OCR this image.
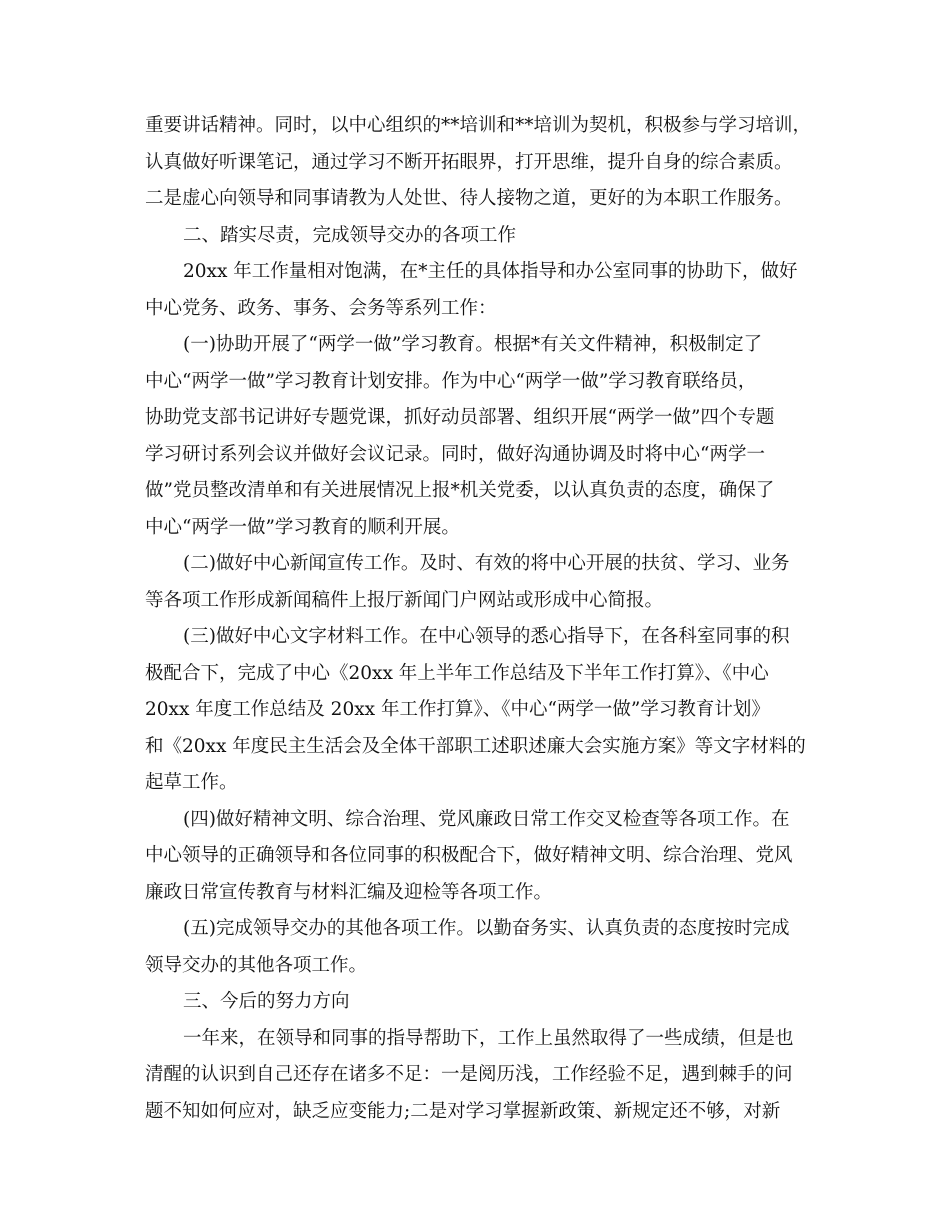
重要讲话精神。同时，以中心组织的**培训和**培训为契机，积极参与学习培训，
认真做好听课笔记，通过学习不断开拓眼界，打开思维，提升自身的综合素质。
二是虚心向领导和同事请教为人处世、待人接物之道，更好的为本职工作服务。
二、踏实尽责，完成领导交办的各项工作
20xx 年工作量相对饱满，在*主任的具体指导和办公室同事的协助下，做好
中心党务、政务、事务、会务等系列工作：
(一)协助开展了“两学一做”学习教育。根据*有关文件精神，积极制定了
中心“两学一做”学习教育计划安排。作为中心“两学一做”学习教育联络员，
协助党支部书记讲好专题党课，抓好动员部署、组织开展“两学一做”四个专题
学习研讨系列会议并做好会议记录。同时，做好沟通协调及时将中心“两学一
做”党员整改清单和有关进展情况上报*机关党委，以认真负责的态度，确保了
中心“两学一做”学习教育的顺利开展。
(二)做好中心新闻宣传工作。及时、有效的将中心开展的扶贫、学习、业务
等各项工作形成新闻稿件上报厅新闻门户网站或形成中心简报。
(三)做好中心文字材料工作。在中心领导的悉心指导下，在各科室同事的积
极配合下，完成了中心《20xx 年上半年工作总结及下半年工作打算》、《中心
20xx 年度工作总结及 20xx 年工作打算》、《中心“两学一做”学习教育计划》
和《20xx 年度民主生活会及全体干部职工述职述廉大会实施方案》等文字材料的
起草工作。
(四)做好精神文明、综合治理、党风廉政日常工作交叉检查等各项工作。在
中心领导的正确领导和各位同事的积极配合下，做好精神文明、综合治理、党风
廉政日常宣传教育与材料汇编及迎检等各项工作。
(五)完成领导交办的其他各项工作。以勤奋务实、认真负责的态度按时完成
领导交办的其他各项工作。
三、今后的努力方向
一年来，在领导和同事的指导帮助下，工作上虽然取得了一些成绩，但是也
清醒的认识到自己还存在诸多不足：一是阅历浅，工作经验不足，遇到棘手的问
题不知如何应对，缺乏应变能力;二是对学习掌握新政策、新规定还不够，对新
